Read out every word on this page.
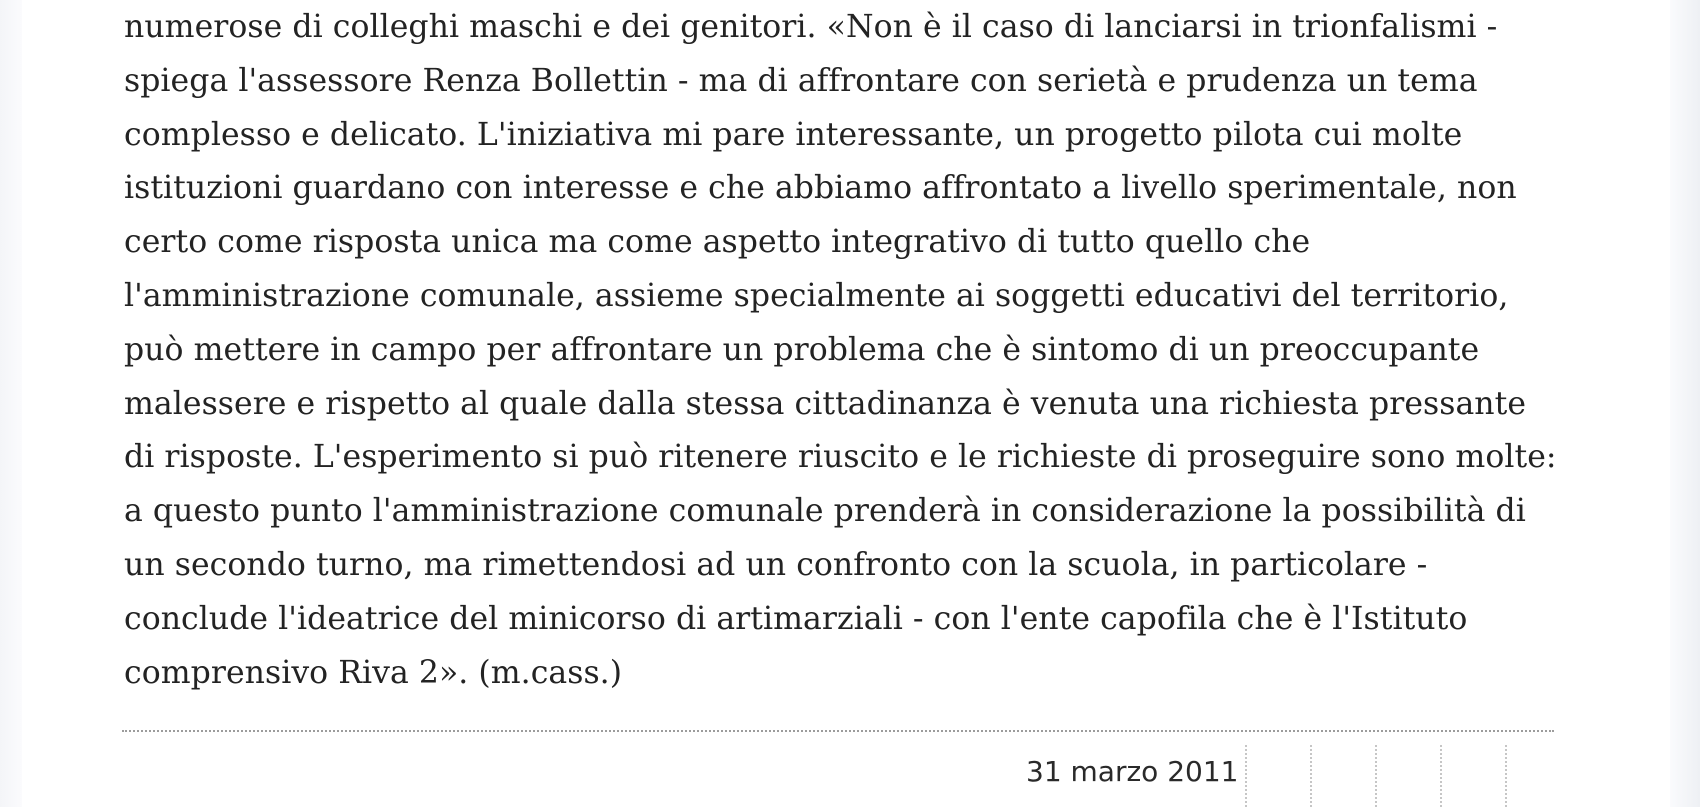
numerose di colleghi maschi e dei genitori. «Non è il caso di lanciarsi in trionfalismi -
spiega l'assessore Renza Bollettin - ma di affrontare con serietà e prudenza un tema
complesso e delicato. L'iniziativa mi pare interessante, un progetto pilota cui molte
istituzioni guardano con interesse e che abbiamo affrontato a livello sperimentale, non
certo come risposta unica ma come aspetto integrativo di tutto quello che
l'amministrazione comunale, assieme specialmente ai soggetti educativi del territorio,
può mettere in campo per affrontare un problema che è sintomo di un preoccupante
malessere e rispetto al quale dalla stessa cittadinanza è venuta una richiesta pressante
di risposte. L'esperimento si può ritenere riuscito e le richieste di proseguire sono molte:
a questo punto l'amministrazione comunale prenderà in considerazione la possibilità di
un secondo turno, ma rimettendosi ad un confronto con la scuola, in particolare -
conclude l'ideatrice del minicorso di artimarziali - con l'ente capofila che è l'Istituto
comprensivo Riva 2». (m.cass.)
31 marzo 2011
